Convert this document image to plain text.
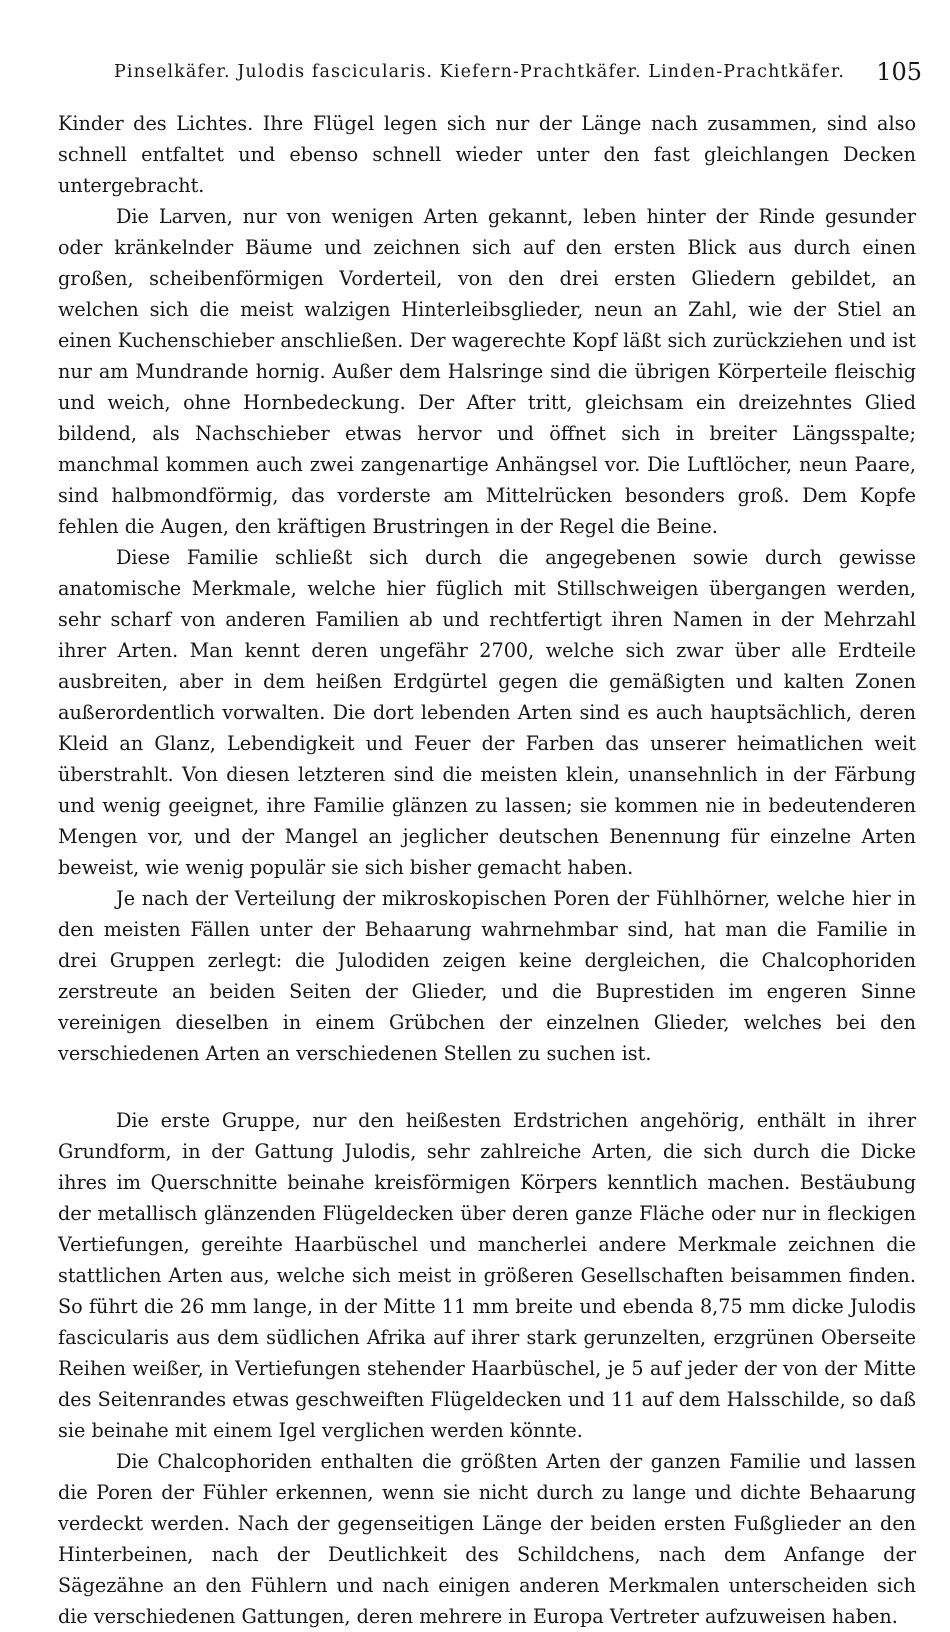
Pinselkäfer. Julodis fascicularis. Kiefern-Prachtkäfer. Linden-Prachtkäfer. 105

Kinder des Lichtes. Ihre Flügel legen sich nur der Länge nach zusammen, sind also schnell entfaltet und ebenso schnell wieder unter den fast gleichlangen Decken untergebracht.

Die Larven, nur von wenigen Arten gekannt, leben hinter der Rinde gesunder oder kränkelnder Bäume und zeichnen sich auf den ersten Blick aus durch einen großen, scheibenförmigen Vorderteil, von den drei ersten Gliedern gebildet, an welchen sich die meist walzigen Hinterleibsglieder, neun an Zahl, wie der Stiel an einen Kuchenschieber anschließen. Der wagerechte Kopf läßt sich zurückziehen und ist nur am Mundrande hornig. Außer dem Halsringe sind die übrigen Körperteile fleischig und weich, ohne Hornbedeckung. Der After tritt, gleichsam ein dreizehntes Glied bildend, als Nachschieber etwas hervor und öffnet sich in breiter Längsspalte; manchmal kommen auch zwei zangenartige Anhängsel vor. Die Luftlöcher, neun Paare, sind halbmondförmig, das vorderste am Mittelrücken besonders groß. Dem Kopfe fehlen die Augen, den kräftigen Brustringen in der Regel die Beine.

Diese Familie schließt sich durch die angegebenen sowie durch gewisse anatomische Merkmale, welche hier füglich mit Stillschweigen übergangen werden, sehr scharf von anderen Familien ab und rechtfertigt ihren Namen in der Mehrzahl ihrer Arten. Man kennt deren ungefähr 2700, welche sich zwar über alle Erdteile ausbreiten, aber in dem heißen Erdgürtel gegen die gemäßigten und kalten Zonen außerordentlich vorwalten. Die dort lebenden Arten sind es auch hauptsächlich, deren Kleid an Glanz, Lebendigkeit und Feuer der Farben das unserer heimatlichen weit überstrahlt. Von diesen letzteren sind die meisten klein, unansehnlich in der Färbung und wenig geeignet, ihre Familie glänzen zu lassen; sie kommen nie in bedeutenderen Mengen vor, und der Mangel an jeglicher deutschen Benennung für einzelne Arten beweist, wie wenig populär sie sich bisher gemacht haben.

Je nach der Verteilung der mikroskopischen Poren der Fühlhörner, welche hier in den meisten Fällen unter der Behaarung wahrnehmbar sind, hat man die Familie in drei Gruppen zerlegt: die Julodiden zeigen keine dergleichen, die Chalcophoriden zerstreute an beiden Seiten der Glieder, und die Buprestiden im engeren Sinne vereinigen dieselben in einem Grübchen der einzelnen Glieder, welches bei den verschiedenen Arten an verschiedenen Stellen zu suchen ist.

Die erste Gruppe, nur den heißesten Erdstrichen angehörig, enthält in ihrer Grundform, in der Gattung Julodis, sehr zahlreiche Arten, die sich durch die Dicke ihres im Querschnitte beinahe kreisförmigen Körpers kenntlich machen. Bestäubung der metallisch glänzenden Flügeldecken über deren ganze Fläche oder nur in fleckigen Vertiefungen, gereihte Haarbüschel und mancherlei andere Merkmale zeichnen die stattlichen Arten aus, welche sich meist in größeren Gesellschaften beisammen finden. So führt die 26 mm lange, in der Mitte 11 mm breite und ebenda 8,75 mm dicke Julodis fascicularis aus dem südlichen Afrika auf ihrer stark gerunzelten, erzgrünen Oberseite Reihen weißer, in Vertiefungen stehender Haarbüschel, je 5 auf jeder der von der Mitte des Seitenrandes etwas geschweiften Flügeldecken und 11 auf dem Halsschilde, so daß sie beinahe mit einem Igel verglichen werden könnte.

Die Chalcophoriden enthalten die größten Arten der ganzen Familie und lassen die Poren der Fühler erkennen, wenn sie nicht durch zu lange und dichte Behaarung verdeckt werden. Nach der gegenseitigen Länge der beiden ersten Fußglieder an den Hinterbeinen, nach der Deutlichkeit des Schildchens, nach dem Anfange der Sägezähne an den Fühlern und nach einigen anderen Merkmalen unterscheiden sich die verschiedenen Gattungen, deren mehrere in Europa Vertreter aufzuweisen haben.
